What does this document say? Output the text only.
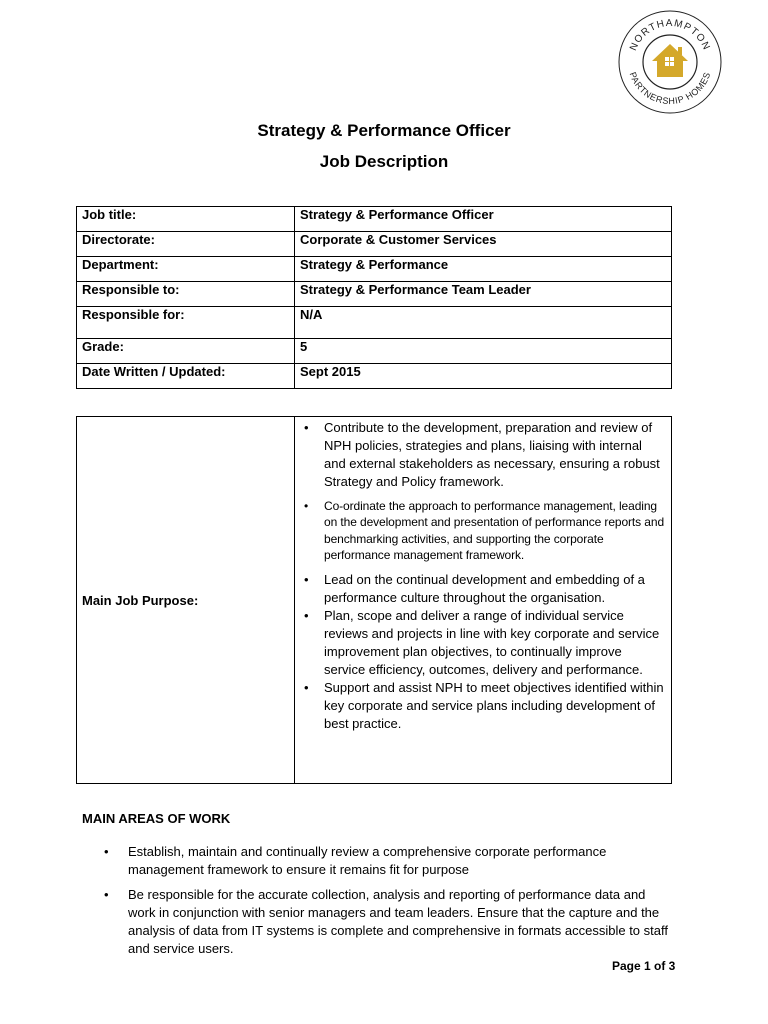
NORTHAMPTON
PARTNERSHIP HOMES
Strategy & Performance Officer
Job Description
Job title:	Strategy & Performance Officer
Directorate:	Corporate & Customer Services
Department:	Strategy & Performance
Responsible to:	Strategy & Performance Team Leader
Responsible for:	N/A
Grade:	5
Date Written / Updated:	Sept 2015
Main Job Purpose:	
• Contribute to the development, preparation and review of NPH policies, strategies and plans, liaising with internal and external stakeholders as necessary, ensuring a robust Strategy and Policy framework.
• Co-ordinate the approach to performance management, leading on the development and presentation of performance reports and benchmarking activities, and supporting the corporate performance management framework.
• Lead on the continual development and embedding of a performance culture throughout the organisation.
• Plan, scope and deliver a range of individual service reviews and projects in line with key corporate and service improvement plan objectives, to continually improve service efficiency, outcomes, delivery and performance.
• Support and assist NPH to meet objectives identified within key corporate and service plans including development of best practice.
MAIN AREAS OF WORK
• Establish, maintain and continually review a comprehensive corporate performance management framework to ensure it remains fit for purpose
• Be responsible for the accurate collection, analysis and reporting of performance data and work in conjunction with senior managers and team leaders. Ensure that the capture and the analysis of data from IT systems is complete and comprehensive in formats accessible to staff and service users.
Page 1 of 3
